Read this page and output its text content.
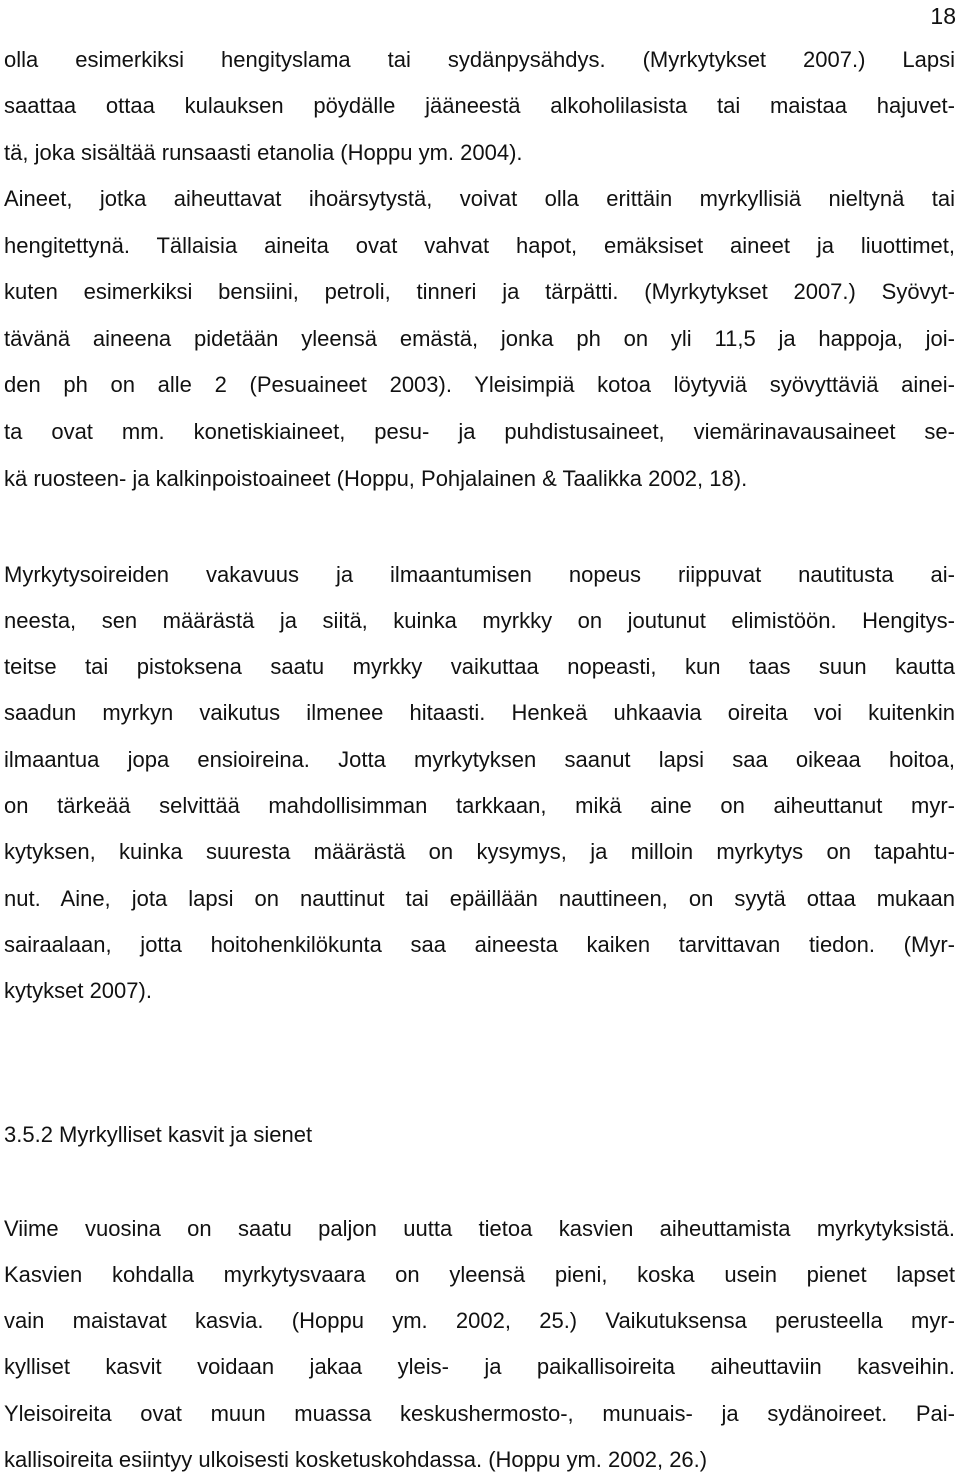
18
olla esimerkiksi hengityslama tai sydänpysähdys. (Myrkytykset 2007.) Lapsi
saattaa ottaa kulauksen pöydälle jääneestä alkoholilasista tai maistaa hajuvet-
tä, joka sisältää runsaasti etanolia (Hoppu ym. 2004).
Aineet, jotka aiheuttavat ihoärsytystä, voivat olla erittäin myrkyllisiä nieltynä tai
hengitettynä. Tällaisia aineita ovat vahvat hapot, emäksiset aineet ja liuottimet,
kuten esimerkiksi bensiini, petroli, tinneri ja tärpätti. (Myrkytykset 2007.) Syövyt-
tävänä aineena pidetään yleensä emästä, jonka ph on yli 11,5 ja happoja, joi-
den ph on alle 2 (Pesuaineet 2003). Yleisimpiä kotoa löytyviä syövyttäviä ainei-
ta ovat mm. konetiskiaineet, pesu- ja puhdistusaineet, viemärinavausaineet se-
kä ruosteen- ja kalkinpoistoaineet (Hoppu, Pohjalainen & Taalikka 2002, 18).
Myrkytysoireiden vakavuus ja ilmaantumisen nopeus riippuvat nautitusta ai-
neesta, sen määrästä ja siitä, kuinka myrkky on joutunut elimistöön. Hengitys-
teitse tai pistoksena saatu myrkky vaikuttaa nopeasti, kun taas suun kautta
saadun myrkyn vaikutus ilmenee hitaasti. Henkeä uhkaavia oireita voi kuitenkin
ilmaantua jopa ensioireina. Jotta myrkytyksen saanut lapsi saa oikeaa hoitoa,
on tärkeää selvittää mahdollisimman tarkkaan, mikä aine on aiheuttanut myr-
kytyksen, kuinka suuresta määrästä on kysymys, ja milloin myrkytys on tapahtu-
nut. Aine, jota lapsi on nauttinut tai epäillään nauttineen, on syytä ottaa mukaan
sairaalaan, jotta hoitohenkilökunta saa aineesta kaiken tarvittavan tiedon. (Myr-
kytykset 2007).
3.5.2 Myrkylliset kasvit ja sienet
Viime vuosina on saatu paljon uutta tietoa kasvien aiheuttamista myrkytyksistä.
Kasvien kohdalla myrkytysvaara on yleensä pieni, koska usein pienet lapset
vain maistavat kasvia. (Hoppu ym. 2002, 25.) Vaikutuksensa perusteella myr-
kylliset kasvit voidaan jakaa yleis- ja paikallisoireita aiheuttaviin kasveihin.
Yleisoireita ovat muun muassa keskushermosto-, munuais- ja sydänoireet. Pai-
kallisoireita esiintyy ulkoisesti kosketuskohdassa. (Hoppu ym. 2002, 26.)
